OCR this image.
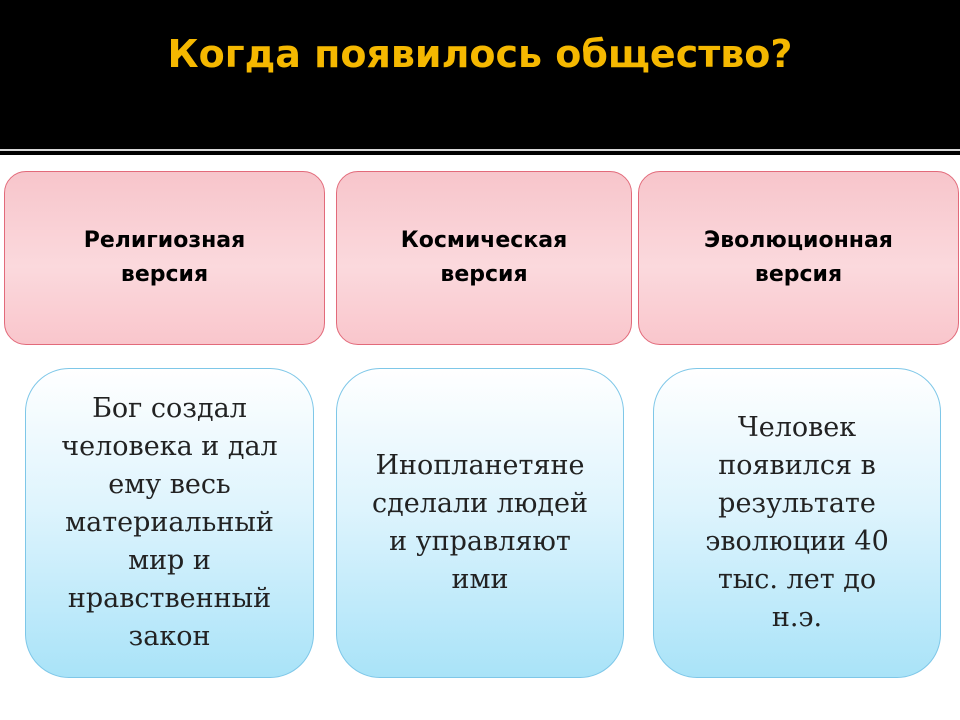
Когда появилось общество?
Религиозная
версия
Космическая
версия
Эволюционная
версия
Бог создал
человека и дал
ему весь
материальный
мир и
нравственный
закон
Инопланетяне
сделали людей
и управляют
ими
Человек
появился в
результате
эволюции 40
тыс. лет до
н.э.
